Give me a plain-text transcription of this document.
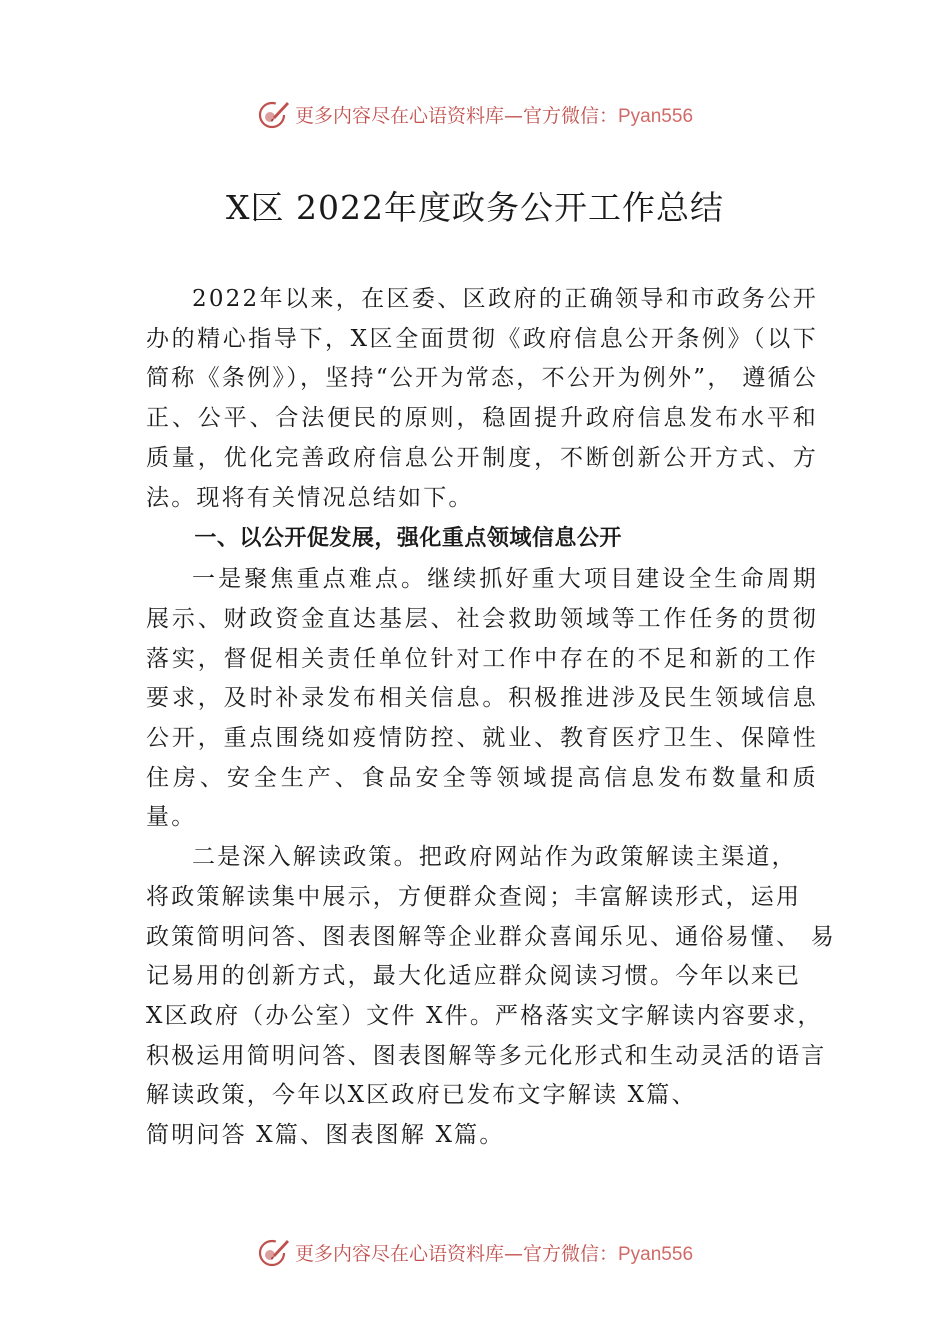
更多内容尽在心语资料库—官方微信：Pyan556
X区 2022年度政务公开工作总结

2022年以来，在区委、区政府的正确领导和市政务公开办的精心指导下，X区全面贯彻《政府信息公开条例》（以下简称《条例》），坚持“公开为常态，不公开为例外”， 遵循公正、公平、合法便民的原则，稳固提升政府信息发布水平和质量，优化完善政府信息公开制度，不断创新公开方式、方法。现将有关情况总结如下。

一、以公开促发展，强化重点领域信息公开

一是聚焦重点难点。继续抓好重大项目建设全生命周期展示、财政资金直达基层、社会救助领域等工作任务的贯彻落实，督促相关责任单位针对工作中存在的不足和新的工作要求，及时补录发布相关信息。积极推进涉及民生领域信息公开，重点围绕如疫情防控、就业、教育医疗卫生、保障性住房、安全生产、食品安全等领域提高信息发布数量和质量。

二是深入解读政策。把政府网站作为政策解读主渠道，
将政策解读集中展示，方便群众查阅；丰富解读形式，运用
政策简明问答、图表图解等企业群众喜闻乐见、通俗易懂、 易
记易用的创新方式，最大化适应群众阅读习惯。今年以来已
X区政府（办公室）文件 X件。严格落实文字解读内容要求，
积极运用简明问答、图表图解等多元化形式和生动灵活的语言
解读政策，今年以X区政府已发布文字解读 X篇、
简明问答 X篇、图表图解 X篇。

更多内容尽在心语资料库—官方微信：Pyan556
